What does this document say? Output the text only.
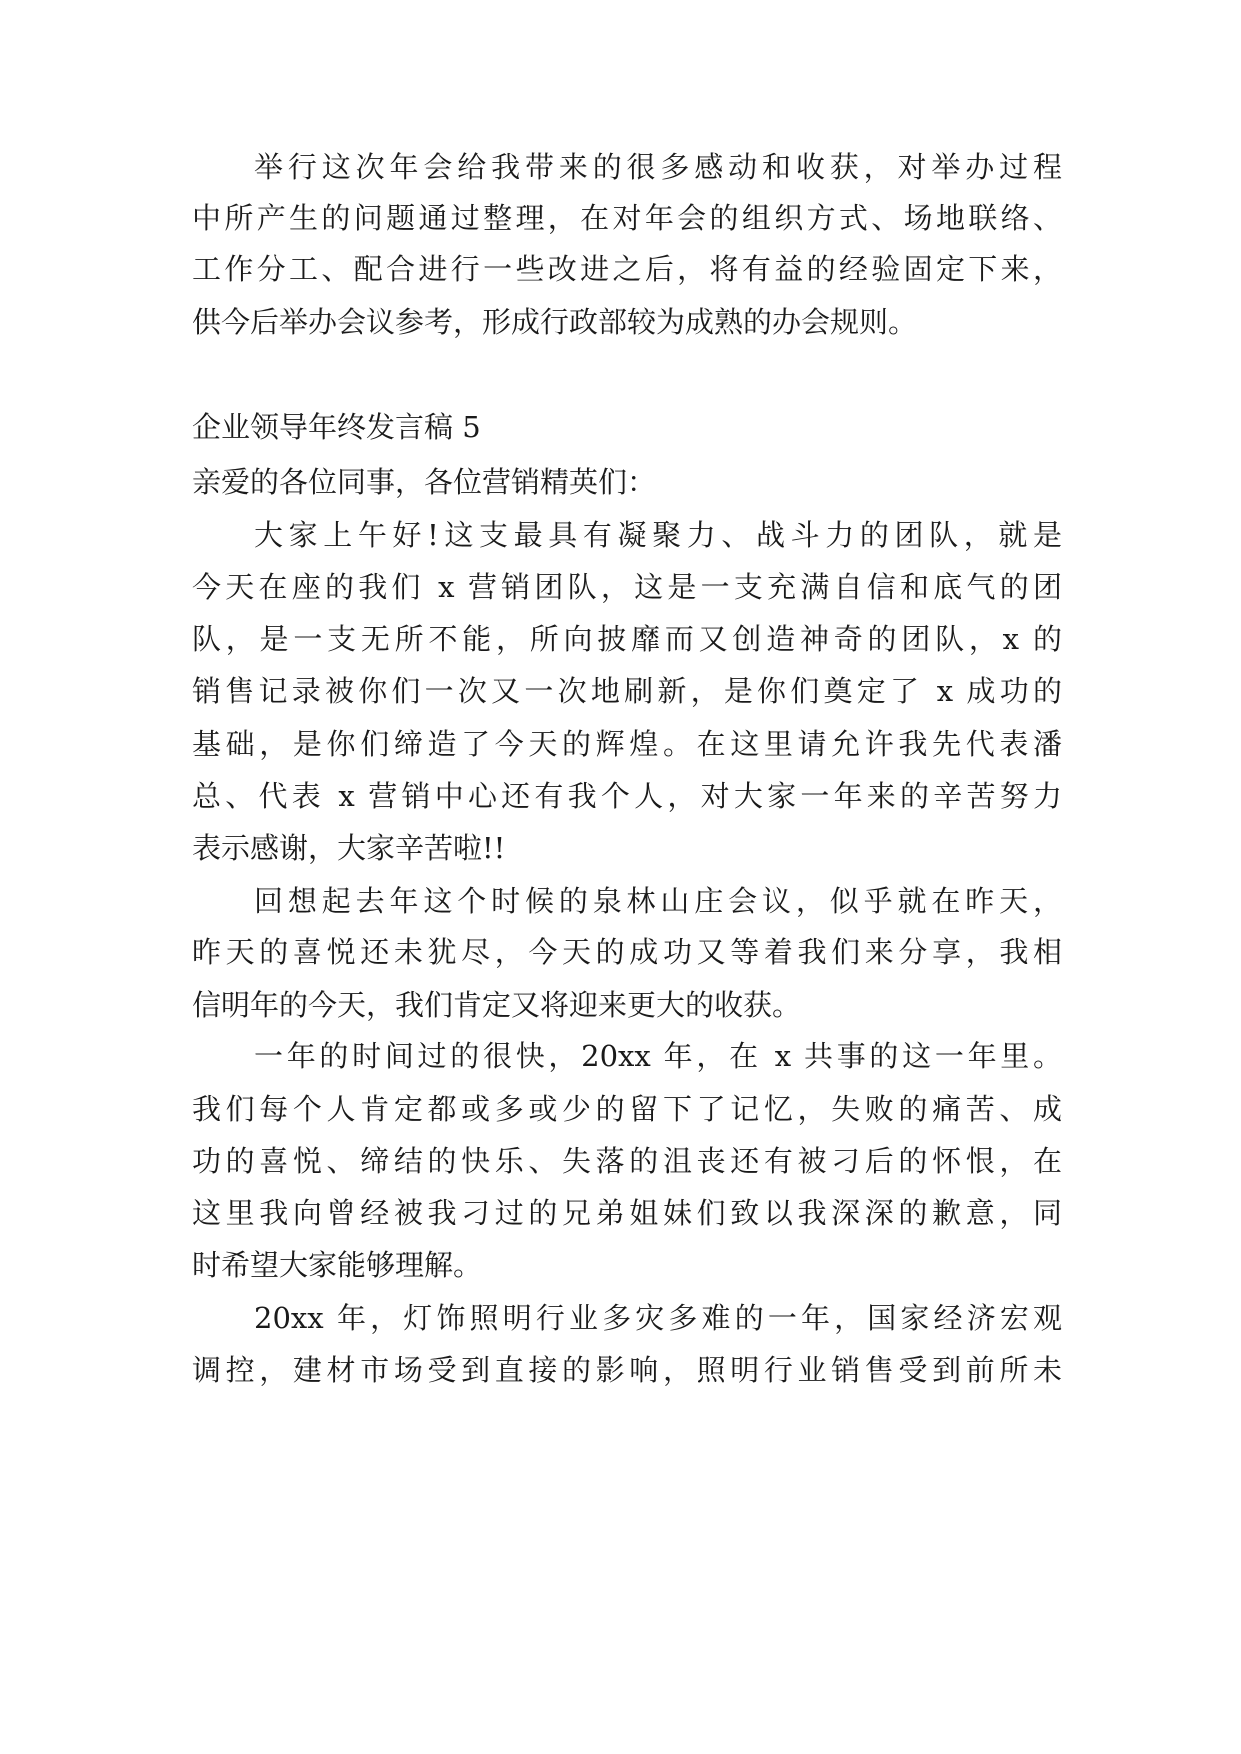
举行这次年会给我带来的很多感动和收获，对举办过程
中所产生的问题通过整理，在对年会的组织方式、场地联络、
工作分工、配合进行一些改进之后，将有益的经验固定下来，
供今后举办会议参考，形成行政部较为成熟的办会规则。
企业领导年终发言稿 5
亲爱的各位同事，各位营销精英们：
大家上午好!这支最具有凝聚力、战斗力的团队，就是
今天在座的我们 x 营销团队，这是一支充满自信和底气的团
队，是一支无所不能，所向披靡而又创造神奇的团队，x 的
销售记录被你们一次又一次地刷新，是你们奠定了 x 成功的
基础，是你们缔造了今天的辉煌。在这里请允许我先代表潘
总、代表 x 营销中心还有我个人，对大家一年来的辛苦努力
表示感谢，大家辛苦啦!!
回想起去年这个时候的泉林山庄会议，似乎就在昨天，
昨天的喜悦还未犹尽，今天的成功又等着我们来分享，我相
信明年的今天，我们肯定又将迎来更大的收获。
一年的时间过的很快，20xx 年，在 x 共事的这一年里。
我们每个人肯定都或多或少的留下了记忆，失败的痛苦、成
功的喜悦、缔结的快乐、失落的沮丧还有被刁后的怀恨，在
这里我向曾经被我刁过的兄弟姐妹们致以我深深的歉意，同
时希望大家能够理解。
20xx 年，灯饰照明行业多灾多难的一年，国家经济宏观
调控，建材市场受到直接的影响，照明行业销售受到前所未
